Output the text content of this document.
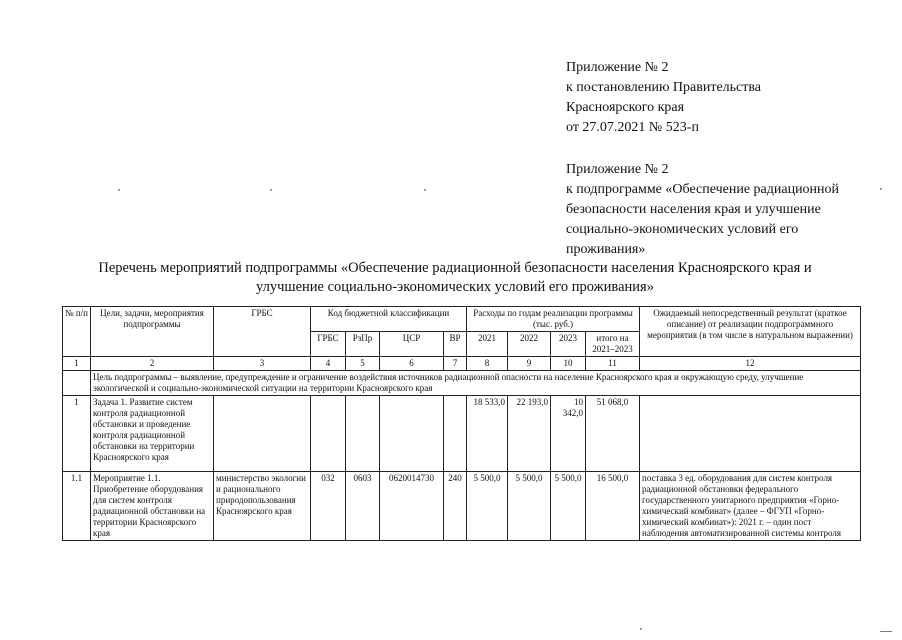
Приложение № 2
к постановлению Правительства
Красноярского края
от 27.07.2021 № 523-п
Приложение № 2
к подпрограмме «Обеспечение радиационной
безопасности населения края и улучшение
социально-экономических условий его
проживания»
Перечень мероприятий подпрограммы «Обеспечение радиационной безопасности населения Красноярского края и
улучшение социально-экономических условий его проживания»
№ п/п	Цели, задачи, мероприятия подпрограммы	ГРБС	Код бюджетной классификации				Расходы по годам реализации программы (тыс. руб.)				Ожидаемый непосредственный результат (краткое описание) от реализации подпрограммного мероприятия (в том числе в натуральном выражении)
			ГРБС	РзПр	ЦСР	ВР	2021	2022	2023	итого на 2021–2023	
1	2	3	4	5	6	7	8	9	10	11	12
	Цель подпрограммы – выявление, предупреждение и ограничение воздействия источников радиационной опасности на население Красноярского края и окружающую среду, улучшение экологической и социально-экономической ситуации на территории Красноярского края										
1	Задача 1. Развитие систем контроля радиационной обстановки и проведение контроля радиационной обстановки на территории Красноярского края						18 533,0	22 193,0	10 342,0	51 068,0	
1.1	Мероприятие 1.1. Приобретение оборудования для систем контроля радиационной обстановки на территории Красноярского края	министерство экологии и рационального природопользования Красноярского края	032	0603	0620014730	240	5 500,0	5 500,0	5 500,0	16 500,0	поставка 3 ед. оборудования для систем контроля радиационной обстановки федерального государственного унитарного предприятия «Горно-химический комбинат» (далее – ФГУП «Горно-химический комбинат»): 2021 г. – один пост наблюдения автоматизированной системы контроля
